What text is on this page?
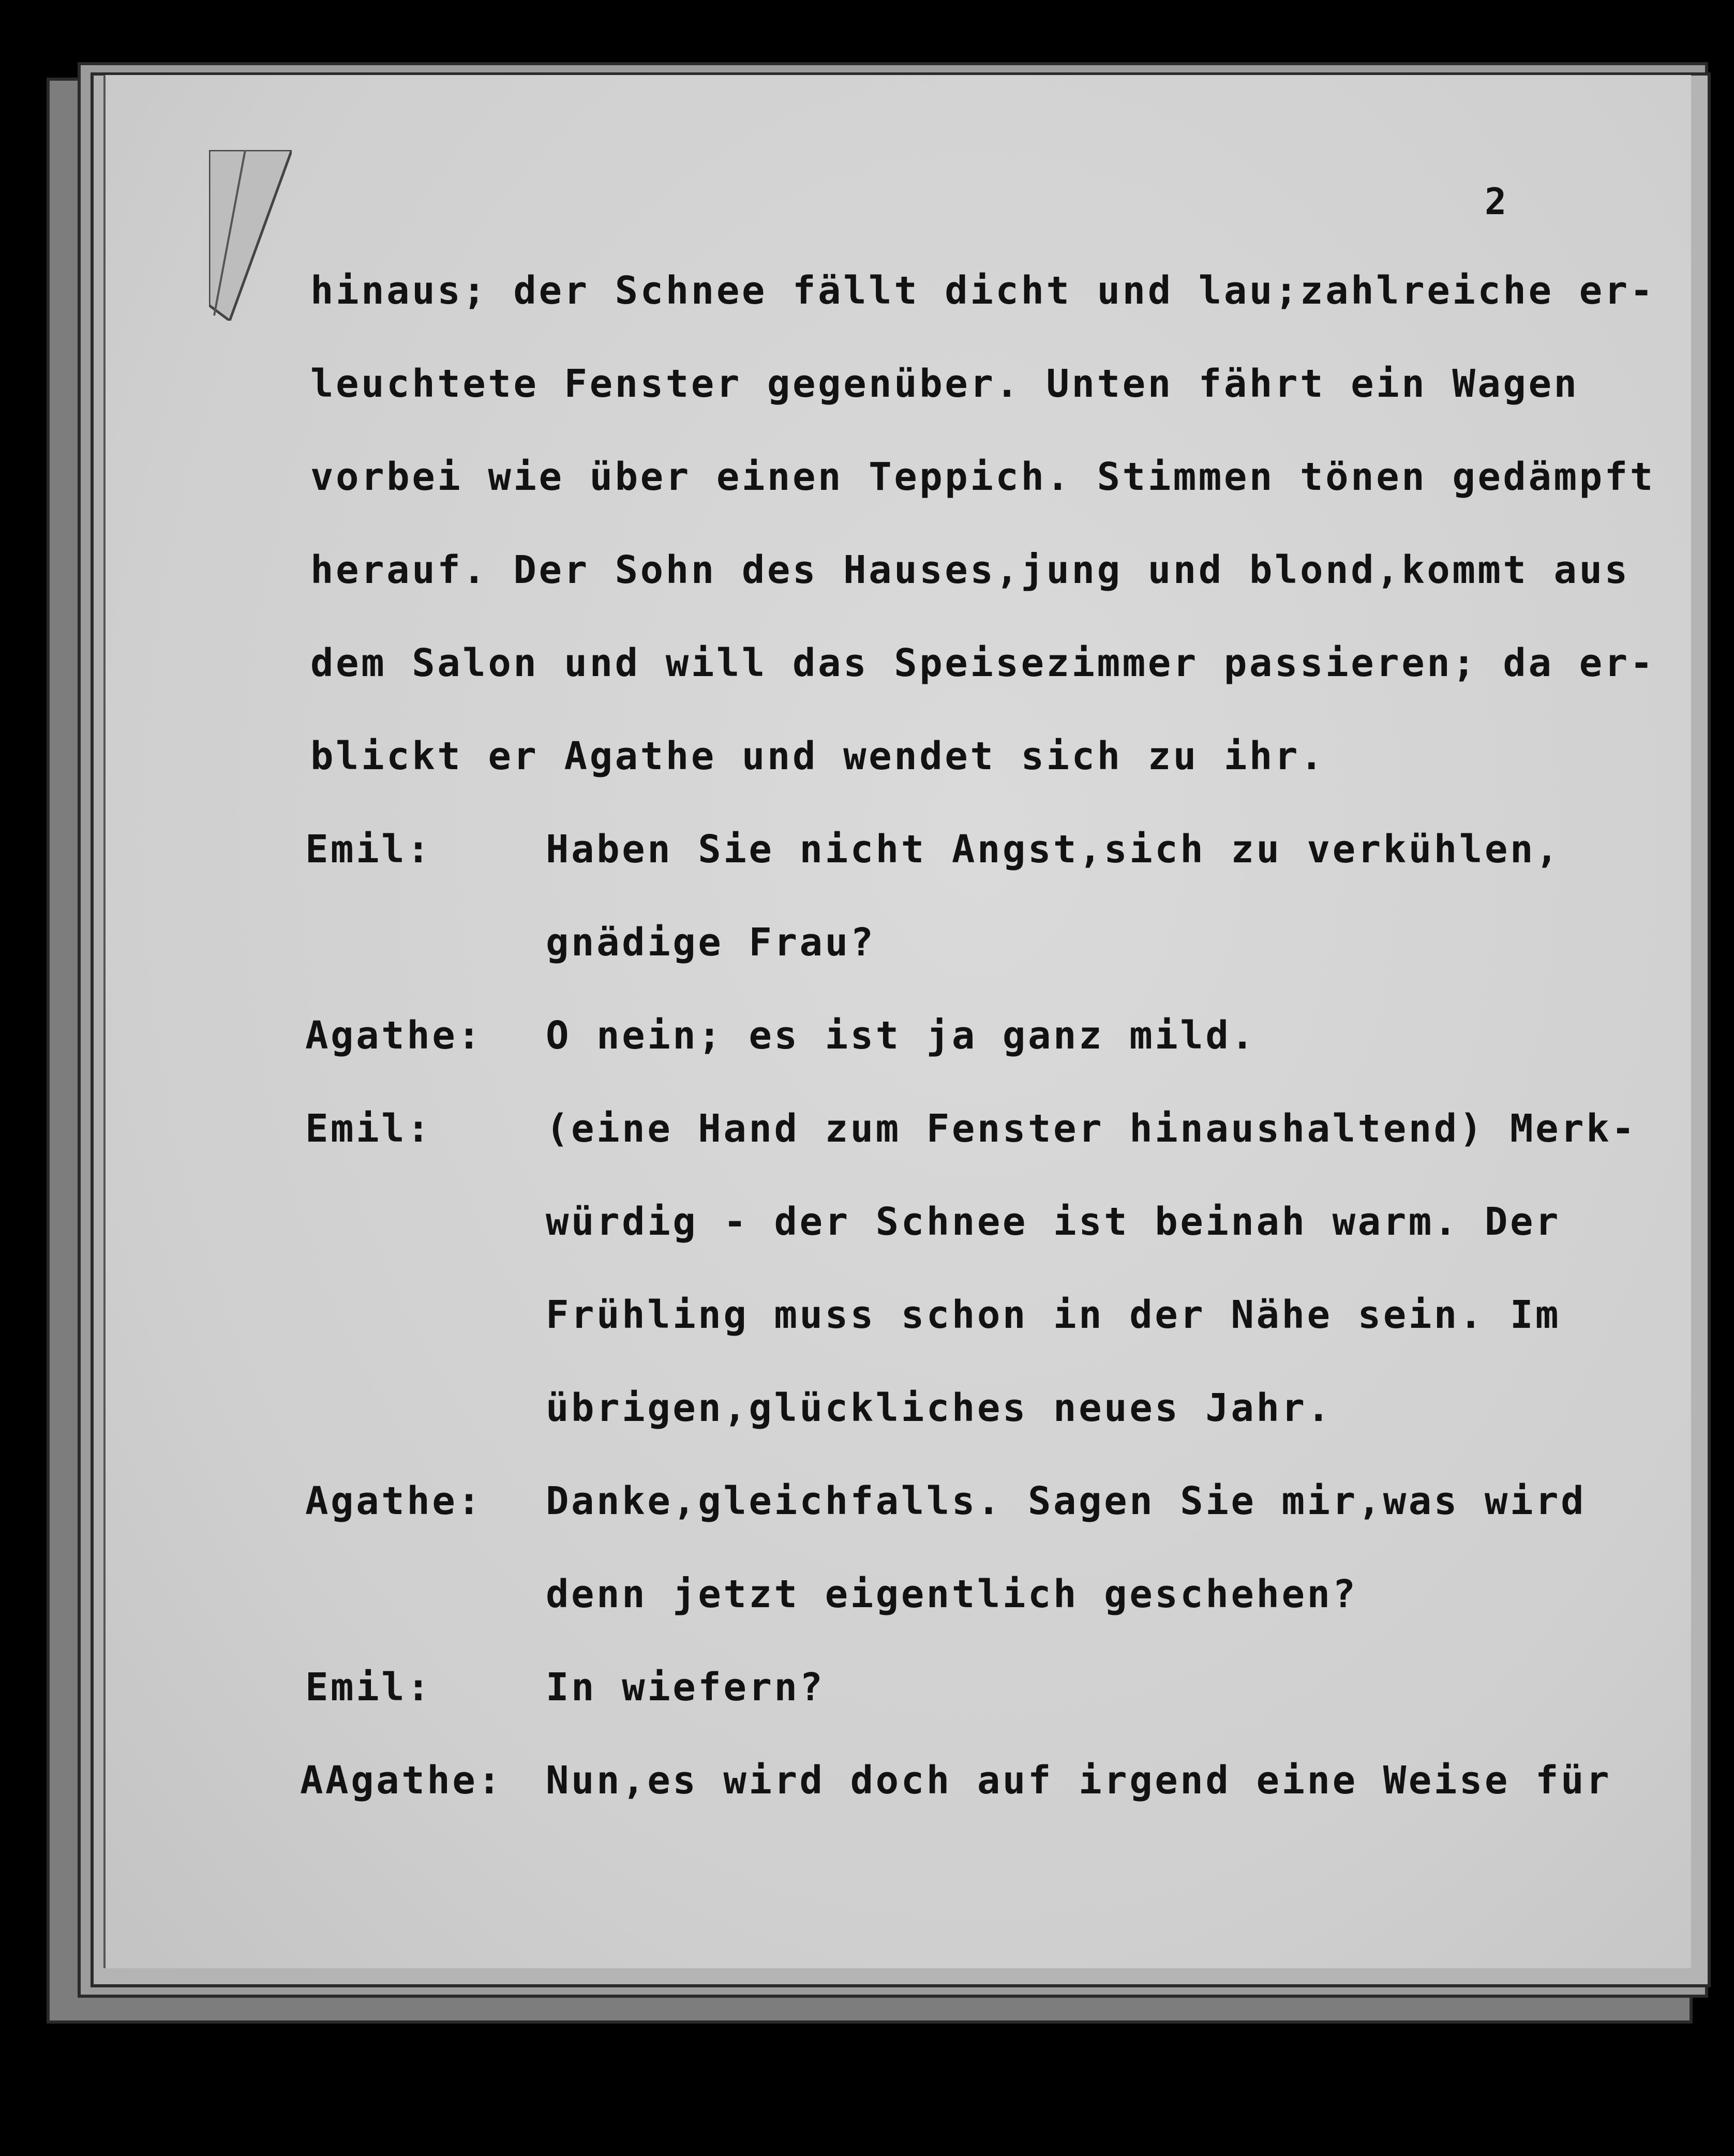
2
hinaus; der Schnee fällt dicht und lau;zahlreiche er-
leuchtete Fenster gegenüber. Unten fährt ein Wagen
vorbei wie über einen Teppich. Stimmen tönen gedämpft
herauf. Der Sohn des Hauses,jung und blond,kommt aus
dem Salon und will das Speisezimmer passieren; da er-
blickt er Agathe und wendet sich zu ihr.
Emil:	Haben Sie nicht Angst,sich zu verkühlen,
gnädige Frau?
Agathe: O nein; es ist ja ganz mild.
Emil:	(eine Hand zum Fenster hinaushaltend) Merk-
würdig - der Schnee ist beinah warm. Der
Frühling muss schon in der Nähe sein. Im
übrigen,glückliches neues Jahr.
Agathe: Danke,gleichfalls. Sagen Sie mir,was wird
denn jetzt eigentlich geschehen?
Emil:	In wiefern?
AAgathe: Nun,es wird doch auf irgend eine Weise für
